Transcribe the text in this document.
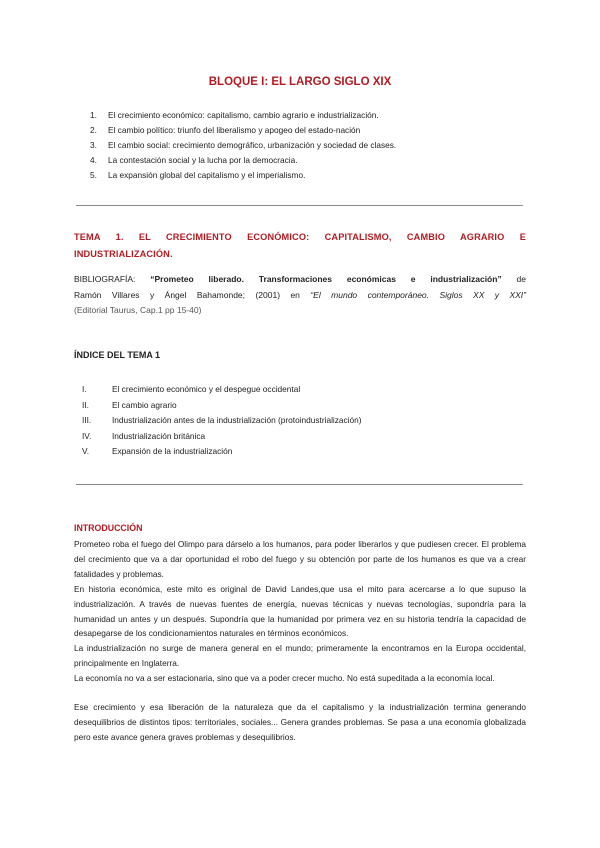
BLOQUE I: EL LARGO SIGLO XIX
1. El crecimiento económico: capitalismo, cambio agrario e industrialización.
2. El cambio político: triunfo del liberalismo y apogeo del estado-nación
3. El cambio social: crecimiento demográfico, urbanización y sociedad de clases.
4. La contestación social y la lucha por la democracia.
5. La expansión global del capitalismo y el imperialismo.
TEMA 1. EL CRECIMIENTO ECONÓMICO: CAPITALISMO, CAMBIO AGRARIO E INDUSTRIALIZACIÓN.
BIBLIOGRAFÍA: “Prometeo liberado. Transformaciones económicas e industrialización” de
Ramón Villares y Ángel Bahamonde; (2001) en “El mundo contemporáneo. Siglos XX y XXI”
(Editorial Taurus, Cap.1 pp 15-40)
ÍNDICE DEL TEMA 1
I.	El crecimiento económico y el despegue occidental
II.	El cambio agrario
III.	Industrialización antes de la industrialización (protoindustrialización)
IV. Industrialización británica
V.	Expansión de la industrialización
INTRODUCCIÓN

Prometeo roba el fuego del Olimpo para dárselo a los humanos, para poder liberarlos y que pudiesen crecer. El problema del crecimiento que va a dar oportunidad el robo del fuego y su obtención por parte de los humanos es que va a crear fatalidades y problemas.

En historia económica, este mito es original de David Landes,que usa el mito para acercarse a lo que supuso la industrialización. A través de nuevas fuentes de energía, nuevas técnicas y nuevas tecnologías, supondría para la humanidad un antes y un después. Supondría que la humanidad por primera vez en su historia tendría la capacidad de desapegarse de los condicionamientos naturales en términos económicos.

La industrialización no surge de manera general en el mundo; primeramente la encontramos en la Europa occidental, principalmente en Inglaterra.

La economía no va a ser estacionaria, sino que va a poder crecer mucho. No está supeditada a la economía local.

Ese crecimiento y esa liberación de la naturaleza que da el capitalismo y la industrialización termina generando desequilibrios de distintos tipos: territoriales, sociales... Genera grandes problemas. Se pasa a una economía globalizada pero este avance genera graves problemas y desequilibrios.
